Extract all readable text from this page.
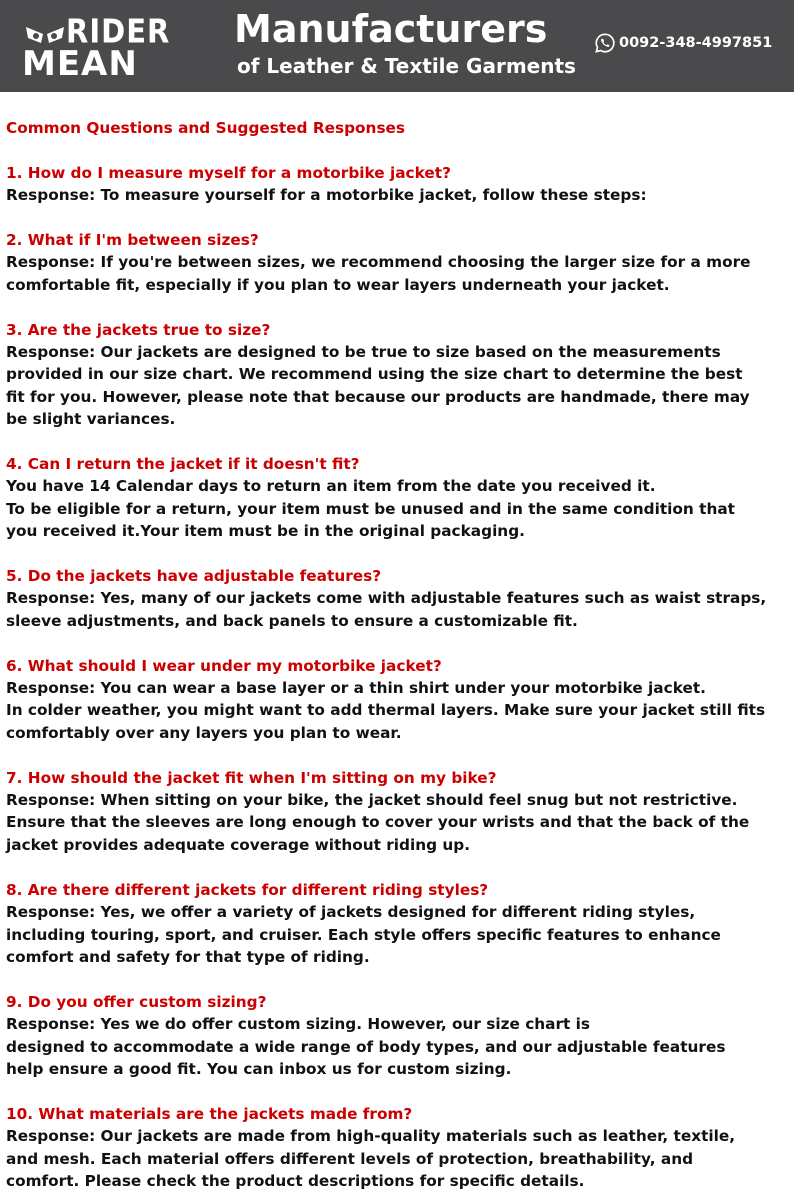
RIDER
MEAN
Manufacturers
of Leather & Textile Garments
0092-348-4997851
Common Questions and Suggested Responses
1. How do I measure myself for a motorbike jacket?
Response: To measure yourself for a motorbike jacket, follow these steps:
2. What if I'm between sizes?
Response: If you're between sizes, we recommend choosing the larger size for a more
comfortable fit, especially if you plan to wear layers underneath your jacket.
3. Are the jackets true to size?
Response: Our jackets are designed to be true to size based on the measurements
provided in our size chart. We recommend using the size chart to determine the best
fit for you. However, please note that because our products are handmade, there may
be slight variances.
4. Can I return the jacket if it doesn't fit?
You have 14 Calendar days to return an item from the date you received it.
To be eligible for a return, your item must be unused and in the same condition that
you received it.Your item must be in the original packaging.
5. Do the jackets have adjustable features?
Response: Yes, many of our jackets come with adjustable features such as waist straps,
sleeve adjustments, and back panels to ensure a customizable fit.
6. What should I wear under my motorbike jacket?
Response: You can wear a base layer or a thin shirt under your motorbike jacket.
In colder weather, you might want to add thermal layers. Make sure your jacket still fits
comfortably over any layers you plan to wear.
7. How should the jacket fit when I'm sitting on my bike?
Response: When sitting on your bike, the jacket should feel snug but not restrictive.
Ensure that the sleeves are long enough to cover your wrists and that the back of the
jacket provides adequate coverage without riding up.
8. Are there different jackets for different riding styles?
Response: Yes, we offer a variety of jackets designed for different riding styles,
including touring, sport, and cruiser. Each style offers specific features to enhance
comfort and safety for that type of riding.
9. Do you offer custom sizing?
Response: Yes we do offer custom sizing. However, our size chart is
designed to accommodate a wide range of body types, and our adjustable features
help ensure a good fit. You can inbox us for custom sizing.
10. What materials are the jackets made from?
Response: Our jackets are made from high-quality materials such as leather, textile,
and mesh. Each material offers different levels of protection, breathability, and
comfort. Please check the product descriptions for specific details.
